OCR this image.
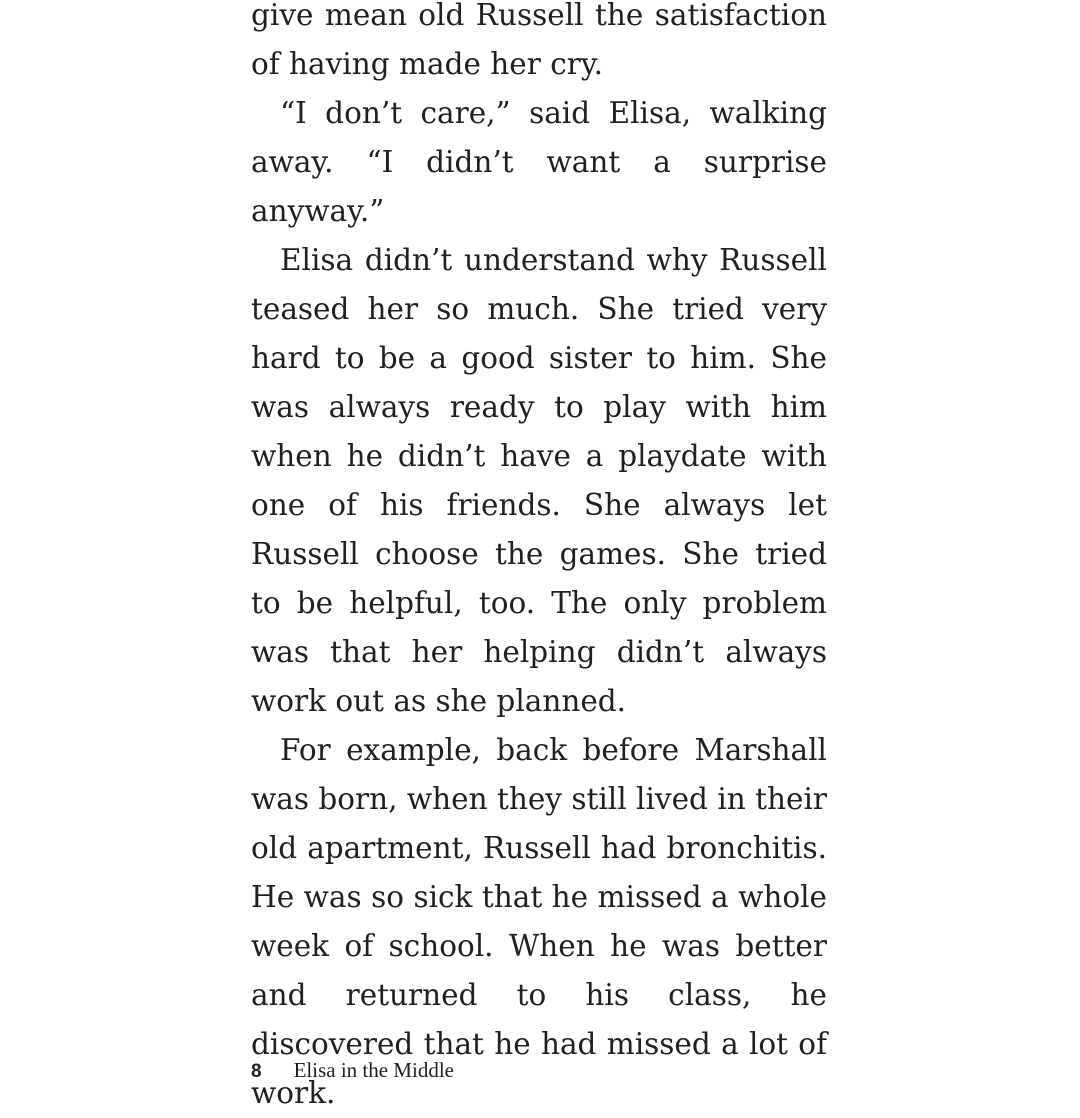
give mean old Russell the satisfaction of having made her cry.

“I don’t care,” said Elisa, walking away. “I didn’t want a surprise anyway.”

Elisa didn’t understand why Russell teased her so much. She tried very hard to be a good sister to him. She was always ready to play with him when he didn’t have a playdate with one of his friends. She always let Russell choose the games. She tried to be helpful, too. The only problem was that her helping didn’t always work out as she planned.

For example, back before Marshall was born, when they still lived in their old apartment, Russell had bronchitis. He was so sick that he missed a whole week of school. When he was better and returned to his class, he discovered that he had missed a lot of work.

8 Elisa in the Middle
